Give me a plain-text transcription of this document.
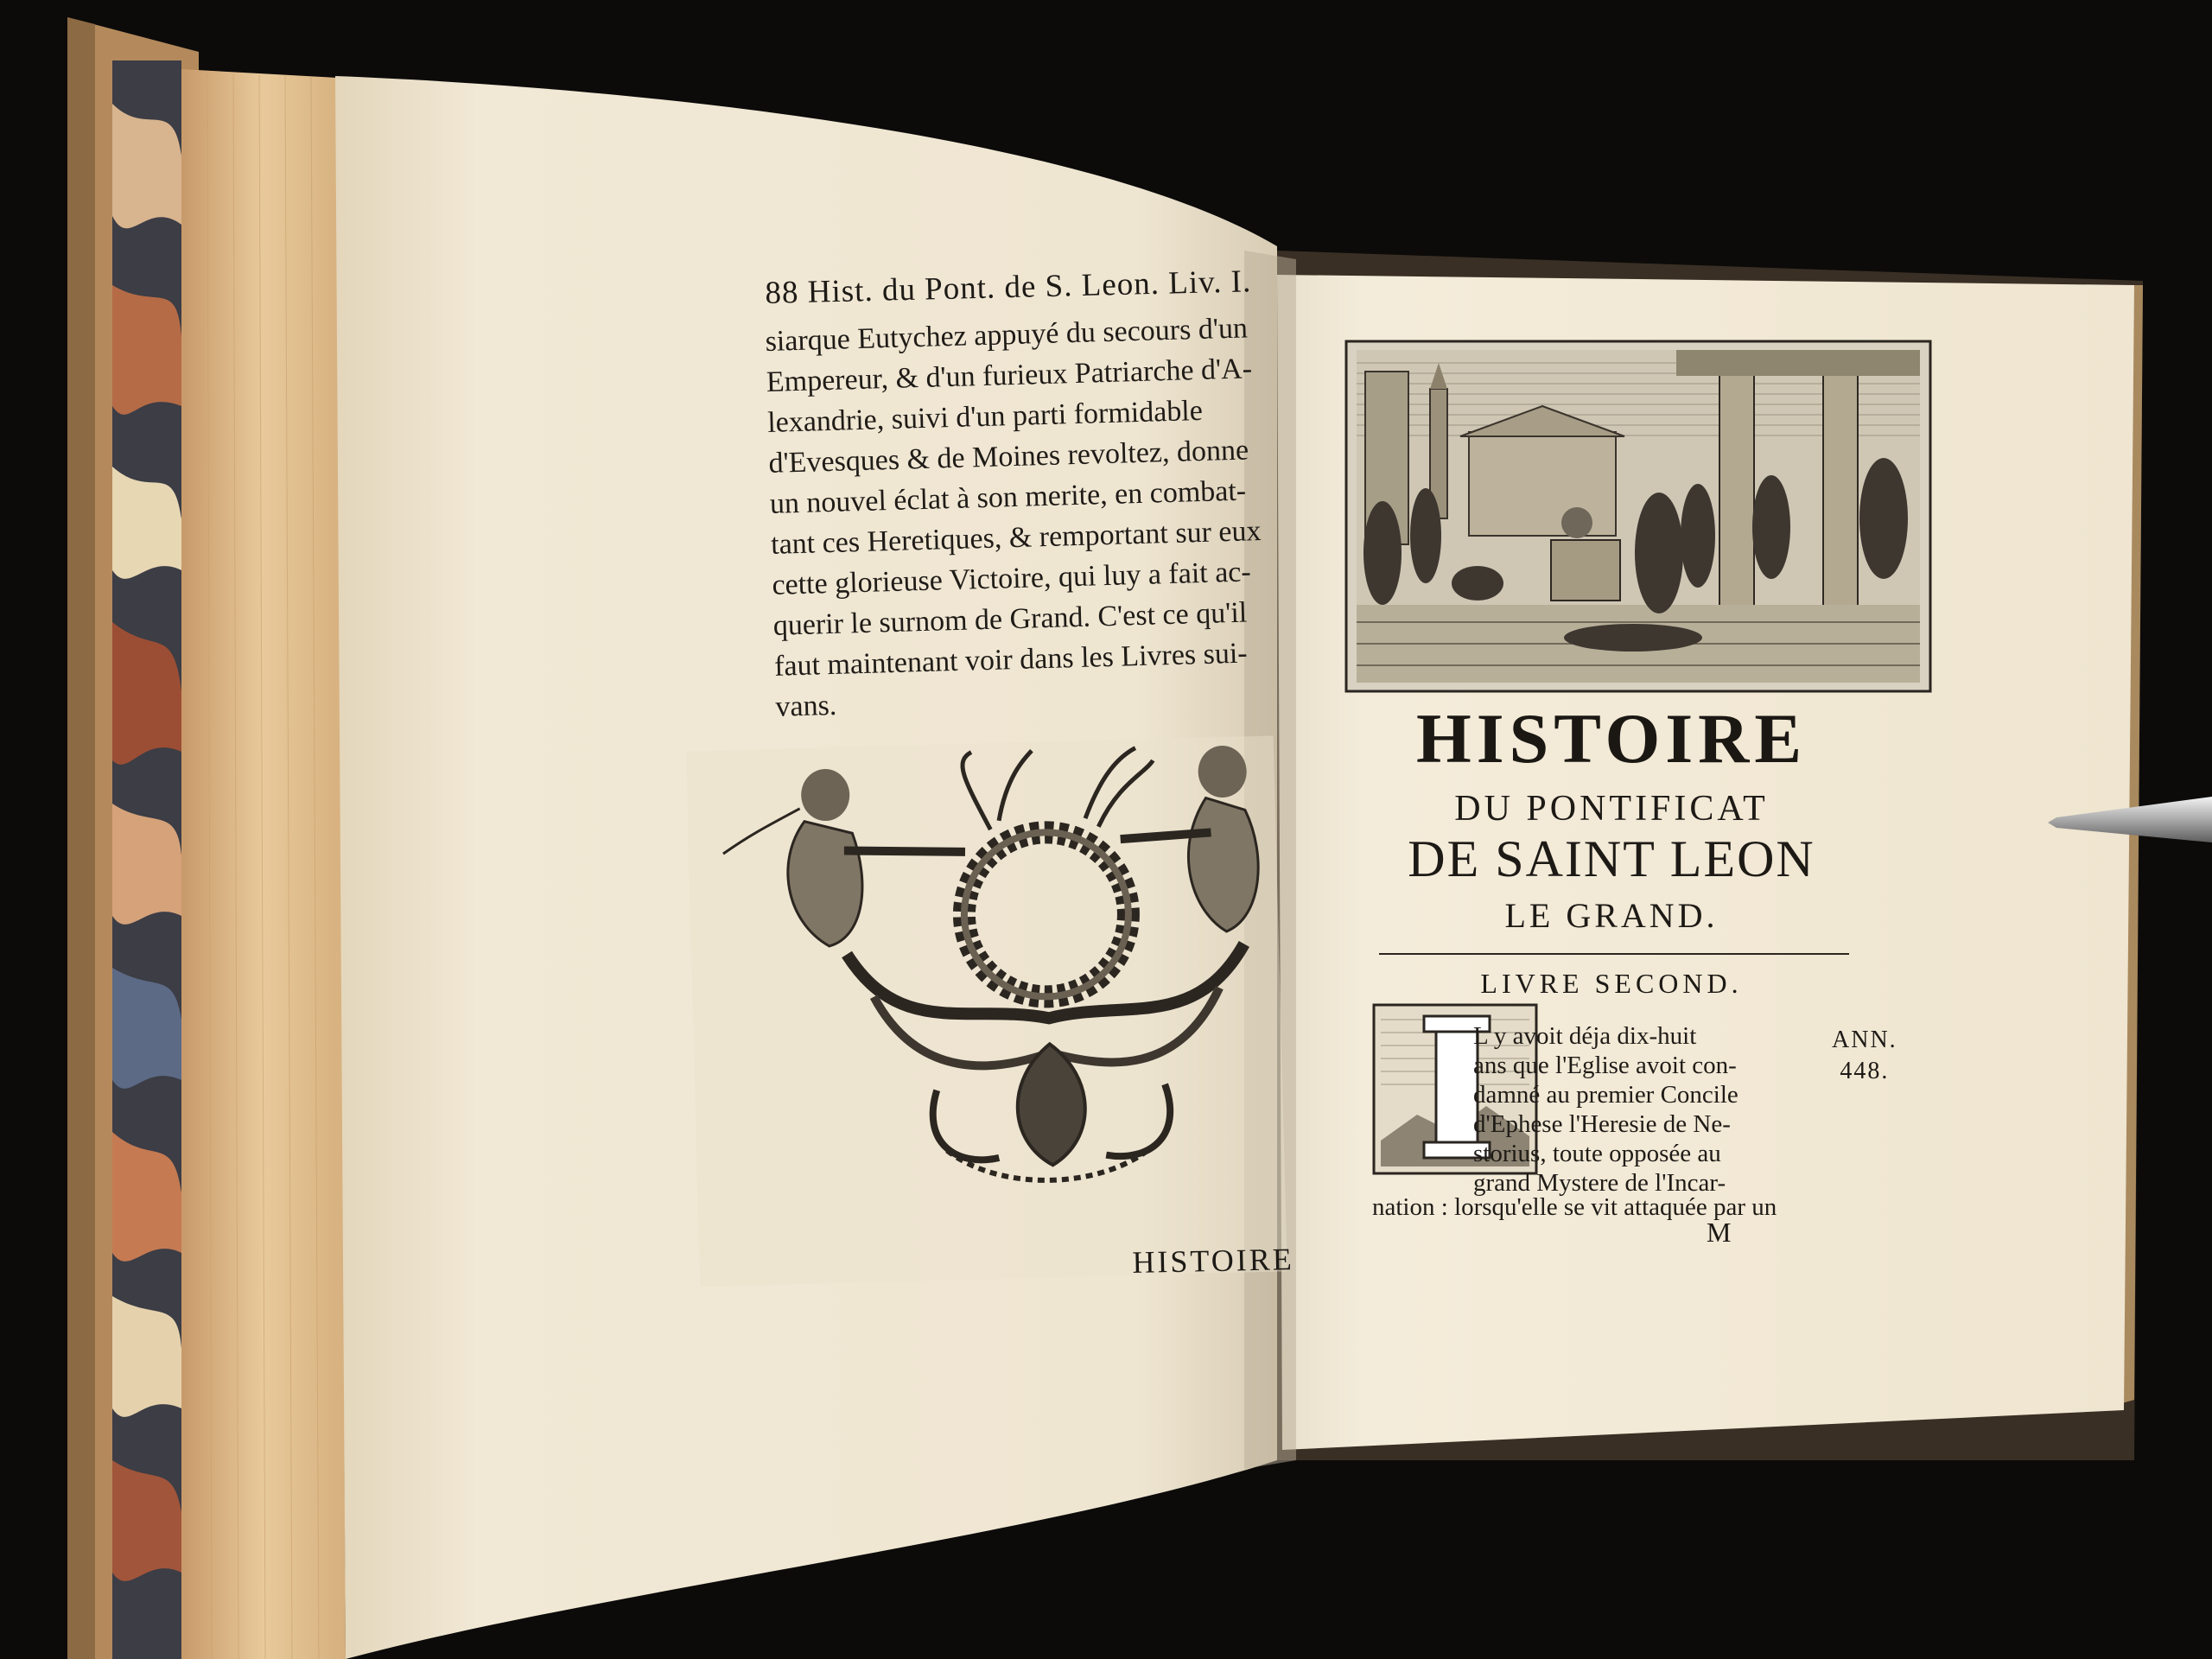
88 Hist. du Pont. de S. Leon. Liv. I.
siarque Eutychez appuyé du secours d'un
Empereur, & d'un furieux Patriarche d'A-
lexandrie, suivi d'un parti formidable
d'Evesques & de Moines revoltez, donne
un nouvel éclat à son merite, en combat-
tant ces Heretiques, & remportant sur eux
cette glorieuse Victoire, qui luy a fait ac-
querir le surnom de Grand. C'est ce qu'il
faut maintenant voir dans les Livres sui-
vans.
HISTOIRE
HISTOIRE
DU PONTIFICAT
DE SAINT LEON
LE GRAND.
LIVRE SECOND.
L y avoit déja dix-huit
ans que l'Eglise avoit con-
damné au premier Concile
d'Ephese l'Heresie de Ne-
storius, toute opposée au
grand Mystere de l'Incar-
nation : lorsqu'elle se vit attaquée par un
ANN.
448.
M
